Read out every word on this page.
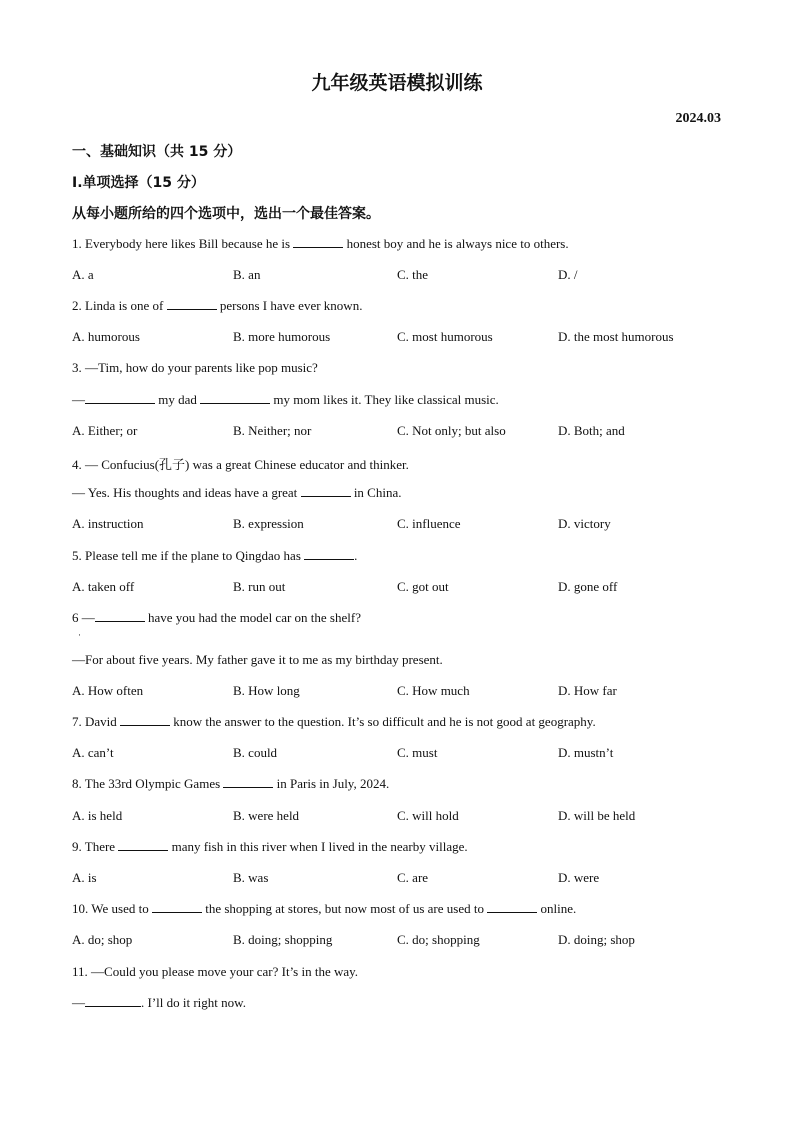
九年级英语模拟训练
2024.03
一、基础知识（共 15 分）
I.单项选择（15 分）
从每小题所给的四个选项中，选出一个最佳答案。
1. Everybody here likes Bill because he is	honest boy and he is always nice to others.
A. a	B. an	C. the	D. /
2. Linda is one of	persons I have ever known.
A. humorous	B. more humorous	C. most humorous	D. the most humorous
3. —Tim, how do your parents like pop music?
—	my dad	my mom likes it. They like classical music.
A. Either; or	B. Neither; nor	C. Not only; but also	D. Both; and
4. — Confucius(孔子) was a great Chinese educator and thinker.
— Yes. His thoughts and ideas have a great	in China.
A. instruction	B. expression	C. influence	D. victory
5. Please tell me if the plane to Qingdao has	.
A. taken off	B. run out	C. got out	D. gone off
6 —	have you had the model car on the shelf?
·
—For about five years. My father gave it to me as my birthday present.
A. How often	B. How long	C. How much	D. How far
7. David	know the answer to the question. It’s so difficult and he is not good at geography.
A. can’t	B. could	C. must	D. mustn’t
8. The 33rd Olympic Games	in Paris in July, 2024.
A. is held	B. were held	C. will hold	D. will be held
9. There	many fish in this river when I lived in the nearby village.
A. is	B. was	C. are	D. were
10. We used to	the shopping at stores, but now most of us are used to	online.
A. do; shop	B. doing; shopping	C. do; shopping	D. doing; shop
11. —Could you please move your car? It’s in the way.
—	. I’ll do it right now.
